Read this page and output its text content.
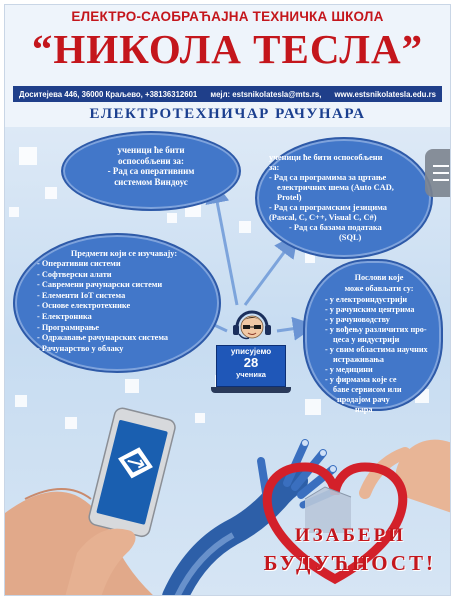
ЕЛЕКТРО-САОБРАЋАЈНА ТЕХНИЧКА ШКОЛА
“НИКОЛА ТЕСЛА”
Доситејева 446, 36000 Краљево, +38136312601 мејл: estsnikolatesla@mts.rs, www.estsnikolatesla.edu.rs
ЕЛЕКТРОТЕХНИЧАР РАЧУНАРА
ученици ће бити
оспособљени за:
- Рад са оперативним
системом Виндоус
ученици ће бити оспособљени
за:
- Рад са програмима за цртање
електричних шема (Auto CAD,
Protel)
- Рад са програмским језицима
(Pascal, C, C++, Visual C, C#)
- Рад са базама података
(SQL)
Предмети који се изучавају:
- Оперативни системи
- Софтверски алати
- Савремени рачунарски системи
- Елементи IoT система
- Основе електротехнике
- Електроника
- Програмирање
- Одржавање рачунарских система
- Рачунарство у облаку
Послови које
може обављати су:
- у електроиндустрији
- у рачунским центрима
- у рачуноводству
- у вођењу различитих про-
цеса у индустрији
- у свим областима научних
истраживања
- у медицини
- у фирмама које се
баве сервисом или
продајом рачу
нара
уписујемо
28
ученика
ИЗАБЕРИ
БУДУЋНОСТ!
